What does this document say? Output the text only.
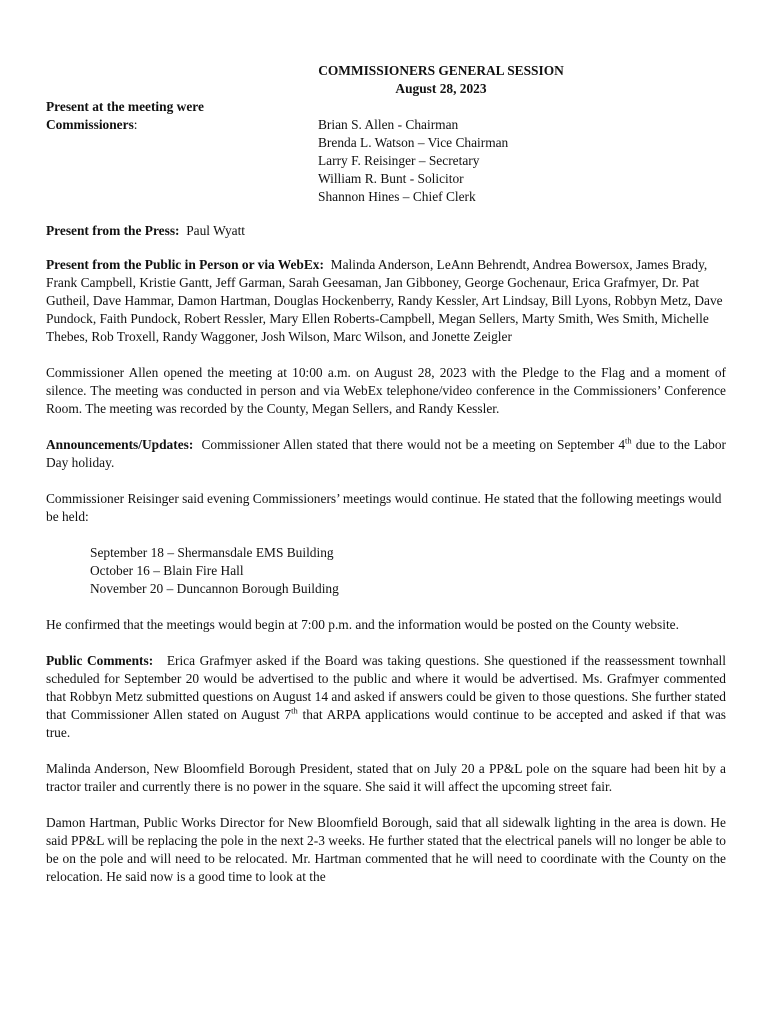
COMMISSIONERS GENERAL SESSION

August 28, 2023

Present at the meeting were
Commissioners:	Brian S. Allen - Chairman
Brenda L. Watson – Vice Chairman
Larry F. Reisinger – Secretary
William R. Bunt - Solicitor
Shannon Hines – Chief Clerk

Present from the Press: Paul Wyatt

Present from the Public in Person or via WebEx: Malinda Anderson, LeAnn Behrendt, Andrea Bowersox, James Brady, Frank Campbell, Kristie Gantt, Jeff Garman, Sarah Geesaman, Jan Gibboney, George Gochenaur, Erica Grafmyer, Dr. Pat Gutheil, Dave Hammar, Damon Hartman, Douglas Hockenberry, Randy Kessler, Art Lindsay, Bill Lyons, Robbyn Metz, Dave Pundock, Faith Pundock, Robert Ressler, Mary Ellen Roberts-Campbell, Megan Sellers, Marty Smith, Wes Smith, Michelle Thebes, Rob Troxell, Randy Waggoner, Josh Wilson, Marc Wilson, and Jonette Zeigler

Commissioner Allen opened the meeting at 10:00 a.m. on August 28, 2023 with the Pledge to the Flag and a moment of silence. The meeting was conducted in person and via WebEx telephone/video conference in the Commissioners’ Conference Room. The meeting was recorded by the County, Megan Sellers, and Randy Kessler.

Announcements/Updates: Commissioner Allen stated that there would not be a meeting on September 4th due to the Labor Day holiday.

Commissioner Reisinger said evening Commissioners’ meetings would continue. He stated that the following meetings would be held:

September 18 – Shermansdale EMS Building
October 16 – Blain Fire Hall
November 20 – Duncannon Borough Building

He confirmed that the meetings would begin at 7:00 p.m. and the information would be posted on the County website.

Public Comments: Erica Grafmyer asked if the Board was taking questions. She questioned if the reassessment townhall scheduled for September 20 would be advertised to the public and where it would be advertised. Ms. Grafmyer commented that Robbyn Metz submitted questions on August 14 and asked if answers could be given to those questions. She further stated that Commissioner Allen stated on August 7th that ARPA applications would continue to be accepted and asked if that was true.

Malinda Anderson, New Bloomfield Borough President, stated that on July 20 a PP&L pole on the square had been hit by a tractor trailer and currently there is no power in the square. She said it will affect the upcoming street fair.

Damon Hartman, Public Works Director for New Bloomfield Borough, said that all sidewalk lighting in the area is down. He said PP&L will be replacing the pole in the next 2-3 weeks. He further stated that the electrical panels will no longer be able to be on the pole and will need to be relocated. Mr. Hartman commented that he will need to coordinate with the County on the relocation. He said now is a good time to look at the
